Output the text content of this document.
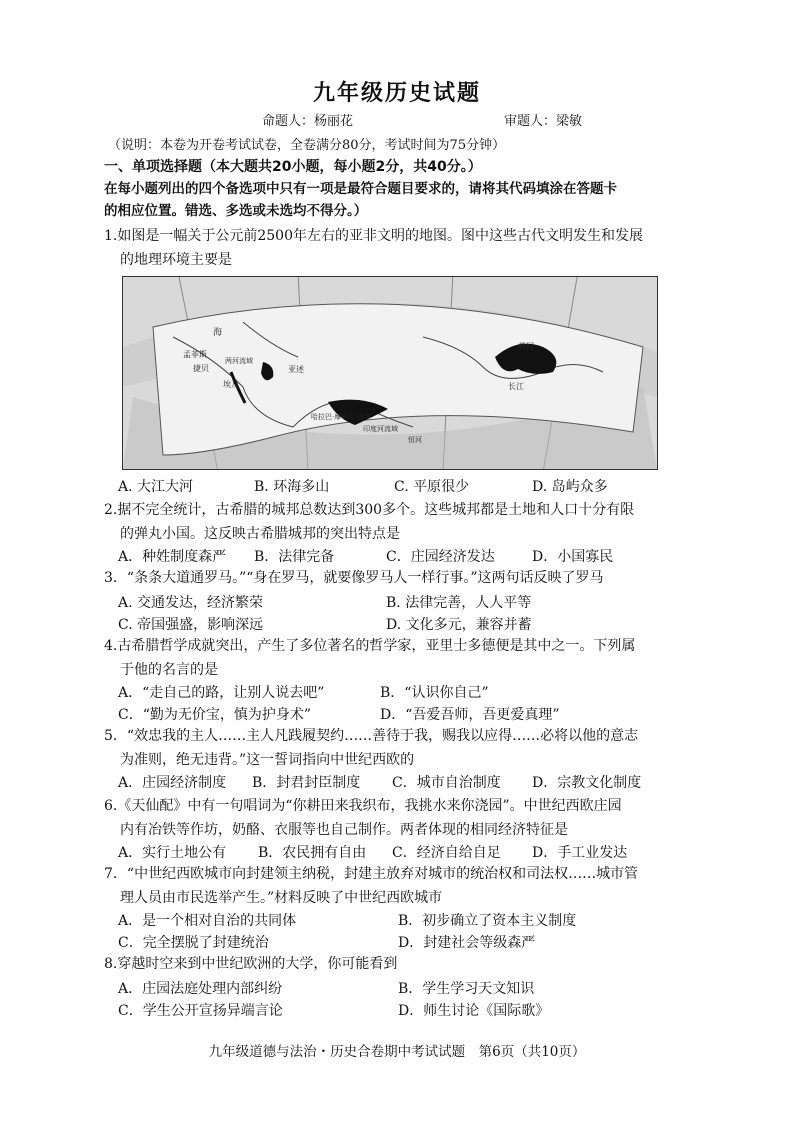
九年级历史试题
命题人：杨丽花	审题人：梁敏
（说明：本卷为开卷考试试卷，全卷满分80分，考试时间为75分钟）
一、单项选择题（本大题共20小题，每小题2分，共40分。）
在每小题列出的四个备选项中只有一项是最符合题目要求的，请将其代码填涂在答题卡
的相应位置。错选、多选或未选均不得分。）
1.如图是一幅关于公元前2500年左右的亚非文明的地图。图中这些古代文明发生和发展
的地理环境主要是
海
孟菲斯
捷贝
两河流域
亚述
埃及
哈拉巴·摩亨佐·达罗
印度河流域
恒河
黄河
长江
A. 大江大河	B. 环海多山	C. 平原很少	D. 岛屿众多
2.据不完全统计，古希腊的城邦总数达到300多个。这些城邦都是土地和人口十分有限
的弹丸小国。这反映古希腊城邦的突出特点是
A．种姓制度森严 B．法律完备	C．庄园经济发达	D．小国寡民
3．“条条大道通罗马。”“身在罗马，就要像罗马人一样行事。”这两句话反映了罗马
A. 交通发达，经济繁荣	B. 法律完善，人人平等
C. 帝国强盛，影响深远	D. 文化多元，兼容并蓄
4.古希腊哲学成就突出，产生了多位著名的哲学家，亚里士多德便是其中之一。下列属
于他的名言的是
A．“走自己的路，让别人说去吧”	B．“认识你自己”
C．“勤为无价宝，慎为护身术”	D．“吾爱吾师，吾更爱真理”
5．“效忠我的主人……主人凡践履契约……善待于我，赐我以应得……必将以他的意志
为准则，绝无违背。”这一誓词指向中世纪西欧的
A．庄园经济制度 B．封君封臣制度 C．城市自治制度 D．宗教文化制度
6.《天仙配》中有一句唱词为“你耕田来我织布，我挑水来你浇园”。中世纪西欧庄园
内有冶铁等作坊，奶酪、衣服等也自己制作。两者体现的相同经济特征是
A．实行土地公有 B．农民拥有自由 C．经济自给自足 D．手工业发达
7．“中世纪西欧城市向封建领主纳税，封建主放弃对城市的统治权和司法权……城市管
理人员由市民选举产生。”材料反映了中世纪西欧城市
A．是一个相对自治的共同体	B．初步确立了资本主义制度
C．完全摆脱了封建统治	D．封建社会等级森严
8.穿越时空来到中世纪欧洲的大学，你可能看到
A．庄园法庭处理内部纠纷	B．学生学习天文知识
C．学生公开宣扬异端言论	D．师生讨论《国际歌》
九年级道德与法治・历史合卷期中考试试题　第6页（共10页）
